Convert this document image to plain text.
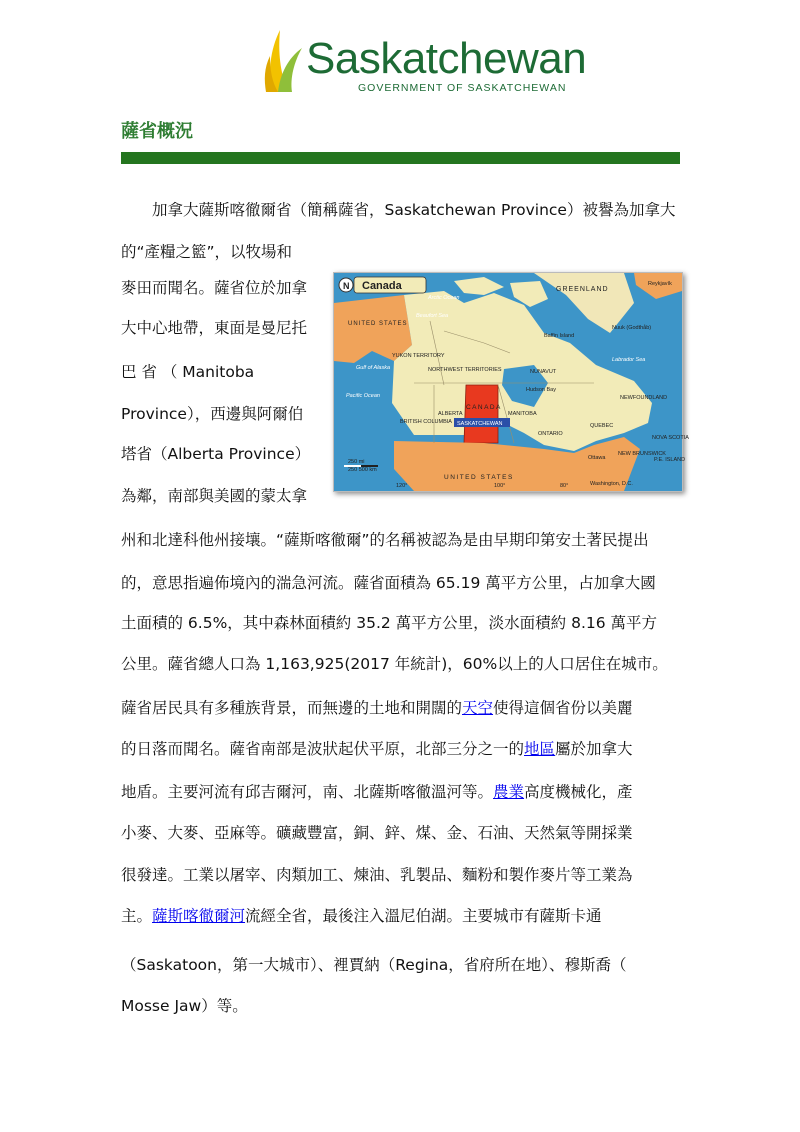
Saskatchewan
GOVERNMENT OF SASKATCHEWAN
薩省概況
加拿大薩斯喀徹爾省（簡稱薩省，Saskatchewan Province）被譽為加拿大
的“產糧之籃”，以牧場和
麥田而聞名。薩省位於加拿
大中心地帶，東面是曼尼托
巴 省 （ Manitoba
Province），西邊與阿爾伯
塔省（Alberta Province）
為鄰，南部與美國的蒙太拿
州和北達科他州接壤。“薩斯喀徹爾”的名稱被認為是由早期印第安土著民提出
的，意思指遍佈境內的湍急河流。薩省面積為 65.19 萬平方公里，占加拿大國
土面積的 6.5%，其中森林面積約 35.2 萬平方公里，淡水面積約 8.16 萬平方
公里。薩省總人口為 1,163,925(2017 年統計)，60%以上的人口居住在城市。
薩省居民具有多種族背景，而無邊的土地和開闊的天空使得這個省份以美麗
的日落而聞名。薩省南部是波狀起伏平原，北部三分之一的地區屬於加拿大
地盾。主要河流有邱吉爾河，南、北薩斯喀徹溫河等。農業高度機械化，產
小麥、大麥、亞麻等。礦藏豐富，銅、鋅、煤、金、石油、天然氣等開採業
很發達。工業以屠宰、肉類加工、煉油、乳製品、麵粉和製作麥片等工業為
主。薩斯喀徹爾河流經全省，最後注入溫尼伯湖。主要城市有薩斯卡通
（Saskatoon，第一大城市）、裡賈納（Regina，省府所在地）、穆斯喬（
Mosse Jaw）等。
N Canada	GREENLAND
Reykjavík
Arctic Ocean
Beaufort Sea
UNITED STATES
Nuuk (Godthåb)
Baffin Island
Gulf of Alaska
YUKON TERRITORY
NORTHWEST TERRITORIES	NUNAVUT
Labrador Sea
Pacific Ocean
Hudson Bay
NEWFOUNDLAND
C A N A D A
ALBERTA	MANITOBA
BRITISH COLUMBIA SASKATCHEWAN
ONTARIO
QUEBEC
NOVA SCOTIA
NEW BRUNSWICK
P.E. ISLAND
Ottawa
UNITED STATES
Washington, D.C.
250 mi
250 500 km
120°	100°	80°
